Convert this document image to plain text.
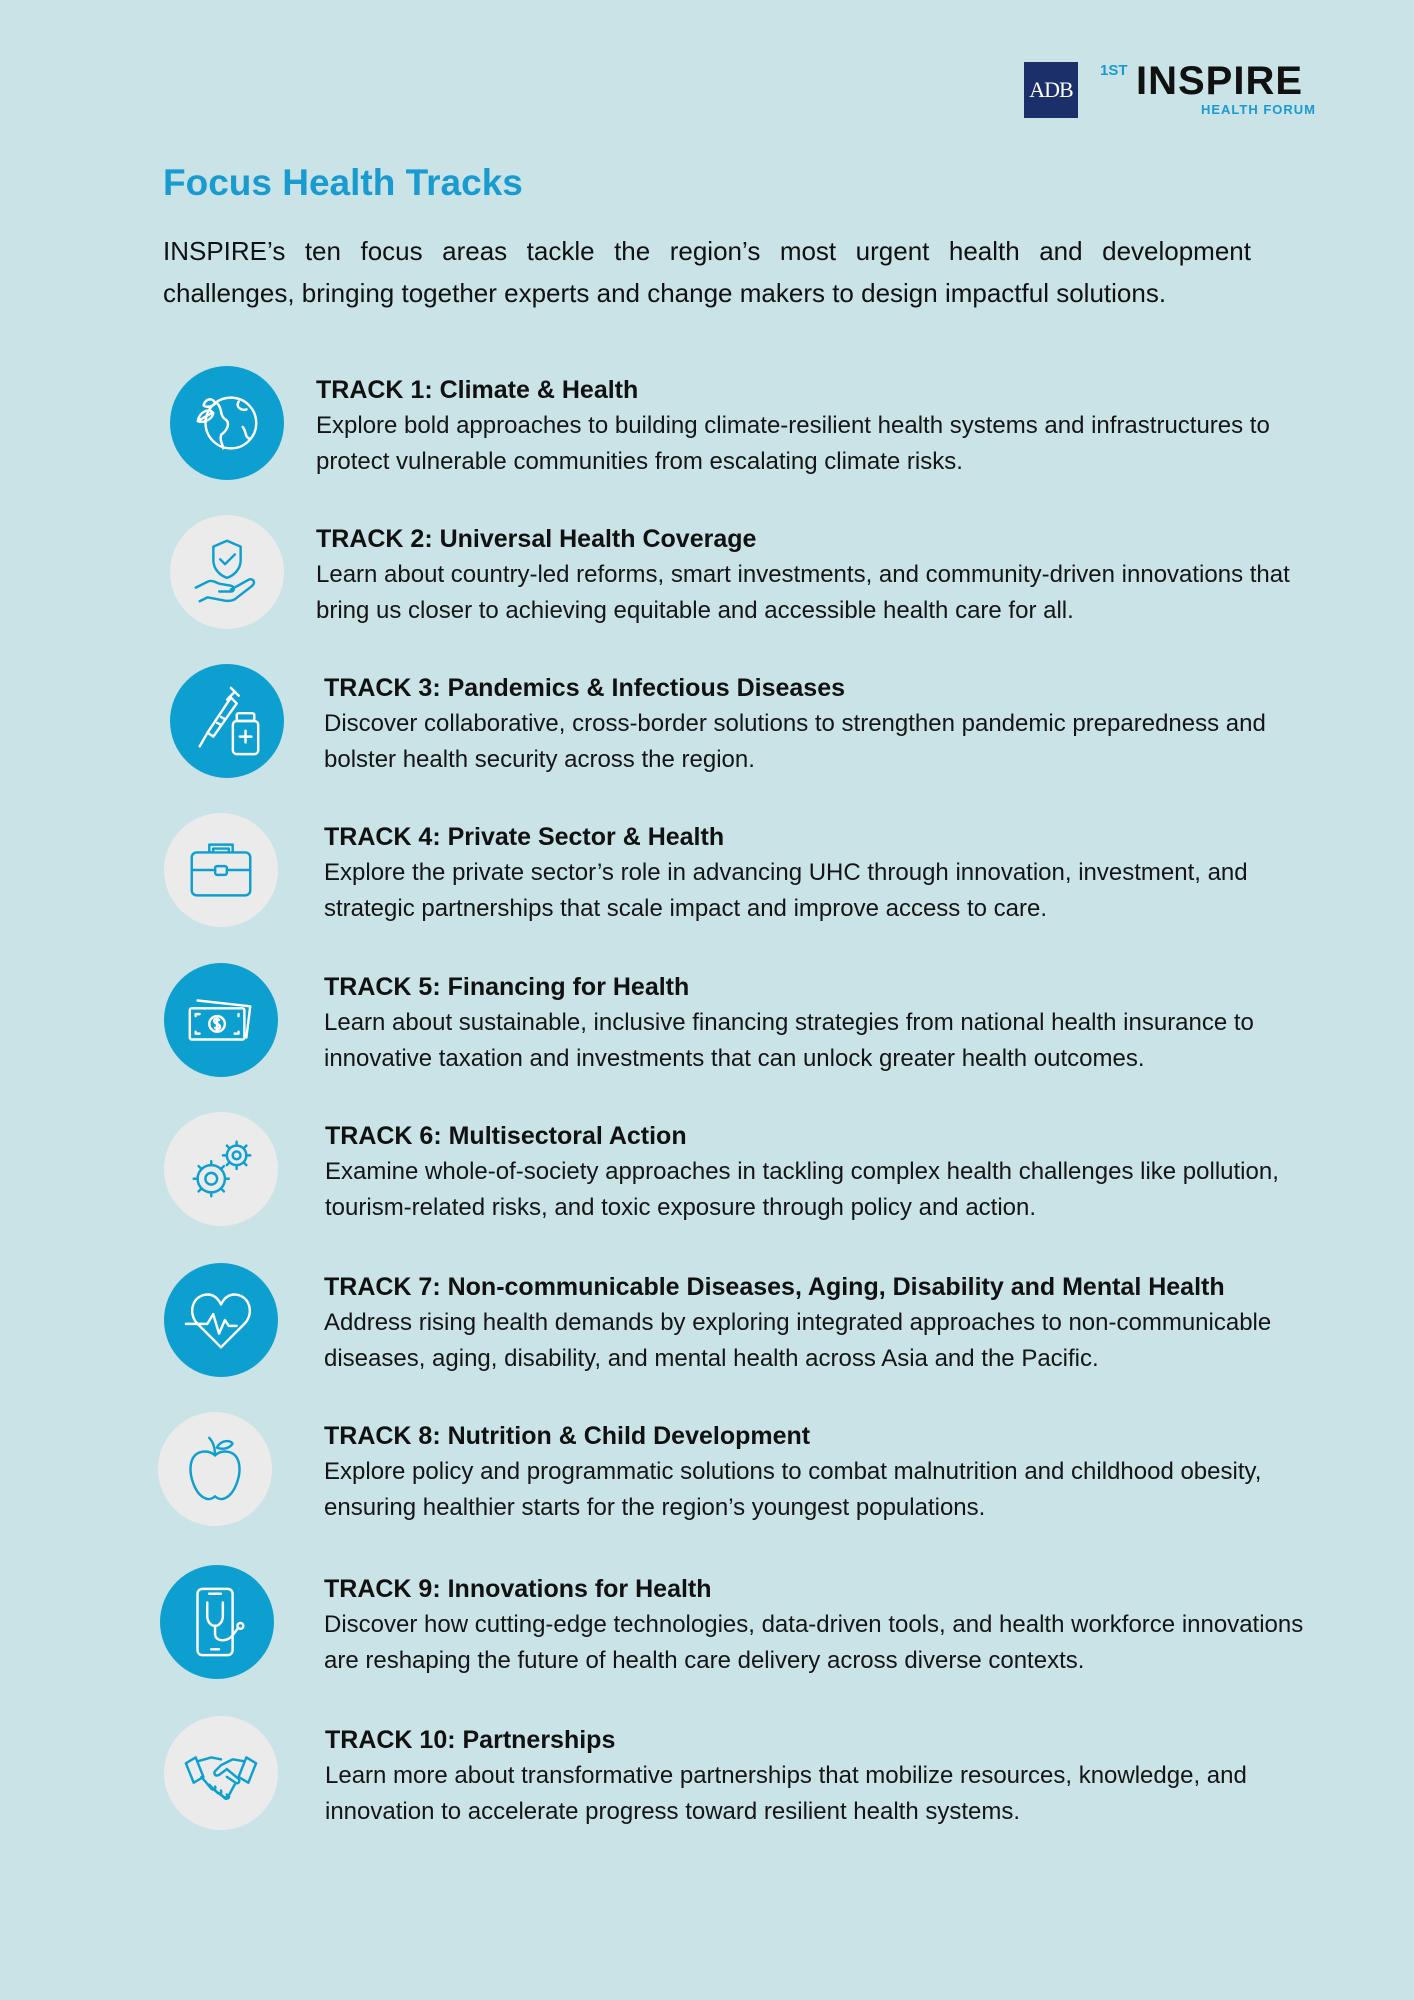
ADB
1ST INSPIRE
HEALTH FORUM
Focus Health Tracks

INSPIRE’s ten focus areas tackle the region’s most urgent health and development challenges, bringing together experts and change makers to design impactful solutions.

TRACK 1: Climate & Health

Explore bold approaches to building climate-resilient health systems and infrastructures to protect vulnerable communities from escalating climate risks.

TRACK 2: Universal Health Coverage

Learn about country-led reforms, smart investments, and community-driven innovations that bring us closer to achieving equitable and accessible health care for all.

TRACK 3: Pandemics & Infectious Diseases

Discover collaborative, cross-border solutions to strengthen pandemic preparedness and bolster health security across the region.

TRACK 4: Private Sector & Health

Explore the private sector’s role in advancing UHC through innovation, investment, and strategic partnerships that scale impact and improve access to care.

TRACK 5: Financing for Health

Learn about sustainable, inclusive financing strategies from national health insurance to innovative taxation and investments that can unlock greater health outcomes.

TRACK 6: Multisectoral Action

Examine whole-of-society approaches in tackling complex health challenges like pollution, tourism-related risks, and toxic exposure through policy and action.

TRACK 7: Non-communicable Diseases, Aging, Disability and Mental Health

Address rising health demands by exploring integrated approaches to non-communicable diseases, aging, disability, and mental health across Asia and the Pacific.

TRACK 8: Nutrition & Child Development

Explore policy and programmatic solutions to combat malnutrition and childhood obesity, ensuring healthier starts for the region’s youngest populations.

TRACK 9: Innovations for Health

Discover how cutting-edge technologies, data-driven tools, and health workforce innovations are reshaping the future of health care delivery across diverse contexts.

TRACK 10: Partnerships

Learn more about transformative partnerships that mobilize resources, knowledge, and innovation to accelerate progress toward resilient health systems.
